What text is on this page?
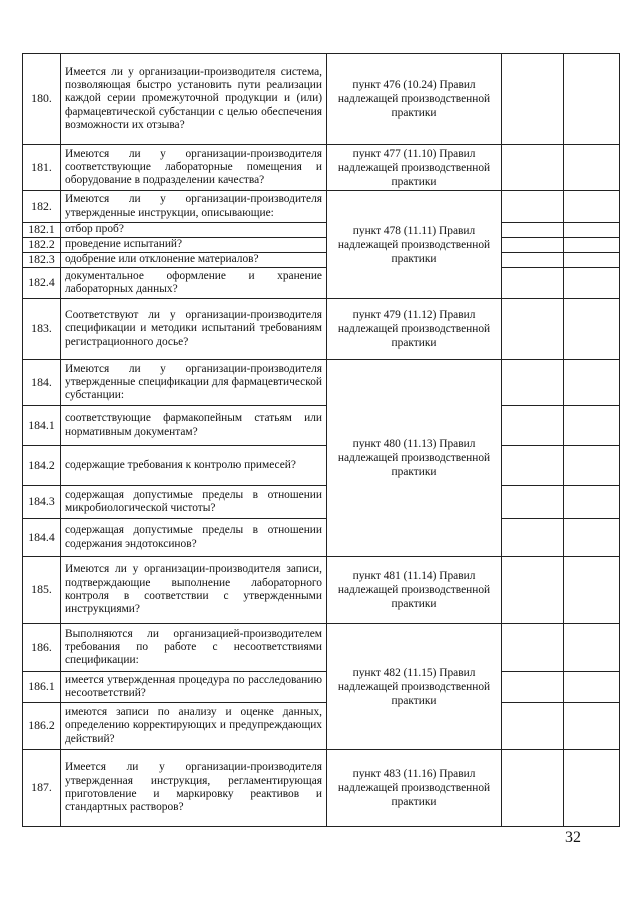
180.	Имеется ли у организации-производителя система, позволяющая быстро установить пути реализации каждой серии промежуточной продукции и (или) фармацевтической субстанции с целью обеспечения возможности их отзыва?	пункт 476 (10.24) Правил надлежащей производственной практики		
181.	Имеются ли у организации-производителя соответствующие лабораторные помещения и оборудование в подразделении качества?	пункт 477 (11.10) Правил надлежащей производственной практики		
182.	Имеются ли у организации-производителя утвержденные инструкции, описывающие:	пункт 478 (11.11) Правил надлежащей производственной практики		
182.1	отбор проб?			

182.2	проведение испытаний?			

182.3	одобрение или отклонение материалов?			

182.4	документальное оформление и хранение лабораторных данных?			

183.	Соответствуют ли у организации-производителя спецификации и методики испытаний требованиям регистрационного досье?	пункт 479 (11.12) Правил надлежащей производственной практики		
184.	Имеются ли у организации-производителя утвержденные спецификации для фармацевтической субстанции:	пункт 480 (11.13) Правил надлежащей производственной практики		
184.1	соответствующие фармакопейным статьям или нормативным документам?			

184.2	содержащие требования к контролю примесей?			

184.3	содержащая допустимые пределы в отношении микробиологической чистоты?			

184.4	содержащая допустимые пределы в отношении содержания эндотоксинов?			

185.	Имеются ли у организации-производителя записи, подтверждающие выполнение лабораторного контроля в соответствии с утвержденными инструкциями?	пункт 481 (11.14) Правил надлежащей производственной практики		
186.	Выполняются ли организацией-производителем требования по работе с несоответствиями спецификации:	пункт 482 (11.15) Правил надлежащей производственной практики		
186.1	имеется утвержденная процедура по расследованию несоответствий?			

186.2	имеются записи по анализу и оценке данных, определению корректирующих и предупреждающих действий?			

187.	Имеется ли у организации-производителя утвержденная инструкция, регламентирующая приготовление и маркировку реактивов и стандартных растворов?	пункт 483 (11.16) Правил надлежащей производственной практики		
32
